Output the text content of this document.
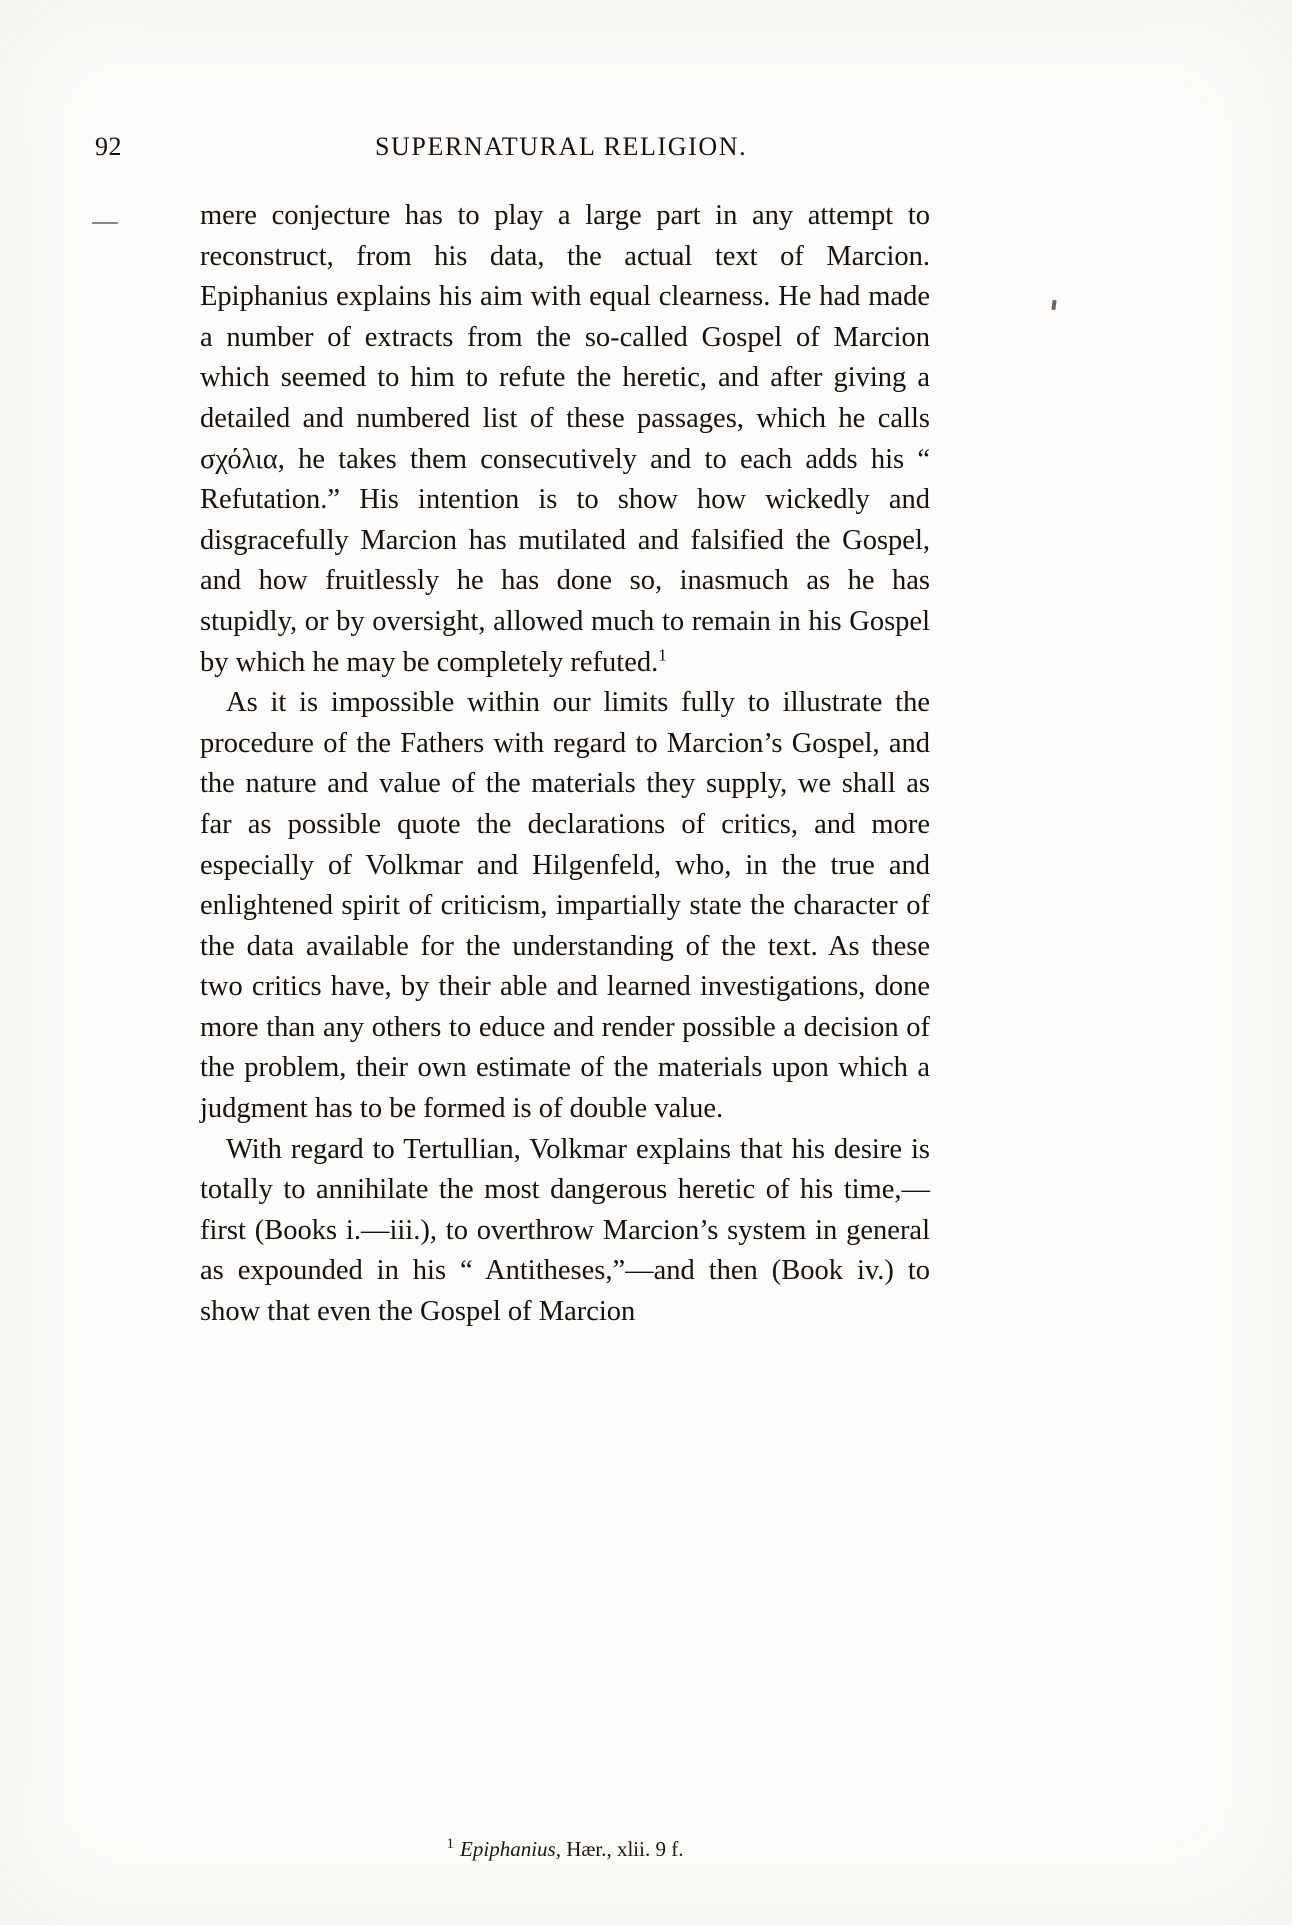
92	SUPERNATURAL RELIGION.

mere conjecture has to play a large part in any attempt to reconstruct, from his data, the actual text of Marcion. Epiphanius explains his aim with equal clearness. He had made a number of extracts from the so-called Gospel of Marcion which seemed to him to refute the heretic, and after giving a detailed and numbered list of these passages, which he calls σχόλια, he takes them consecutively and to each adds his “ Refutation.” His intention is to show how wickedly and disgracefully Marcion has mutilated and falsified the Gospel, and how fruitlessly he has done so, inasmuch as he has stupidly, or by oversight, allowed much to remain in his Gospel by which he may be completely refuted.$^1$

As it is impossible within our limits fully to illustrate the procedure of the Fathers with regard to Marcion’s Gospel, and the nature and value of the materials they supply, we shall as far as possible quote the declarations of critics, and more especially of Volkmar and Hilgenfeld, who, in the true and enlightened spirit of criticism, impartially state the character of the data available for the understanding of the text. As these two critics have, by their able and learned investigations, done more than any others to educe and render possible a decision of the problem, their own estimate of the materials upon which a judgment has to be formed is of double value.

With regard to Tertullian, Volkmar explains that his desire is totally to annihilate the most dangerous heretic of his time,—first (Books i.—iii.), to overthrow Marcion’s system in general as expounded in his “ Antitheses,”—and then (Book iv.) to show that even the Gospel of Marcion

$^1$ Epiphanius, Hær., xlii. 9 f.
